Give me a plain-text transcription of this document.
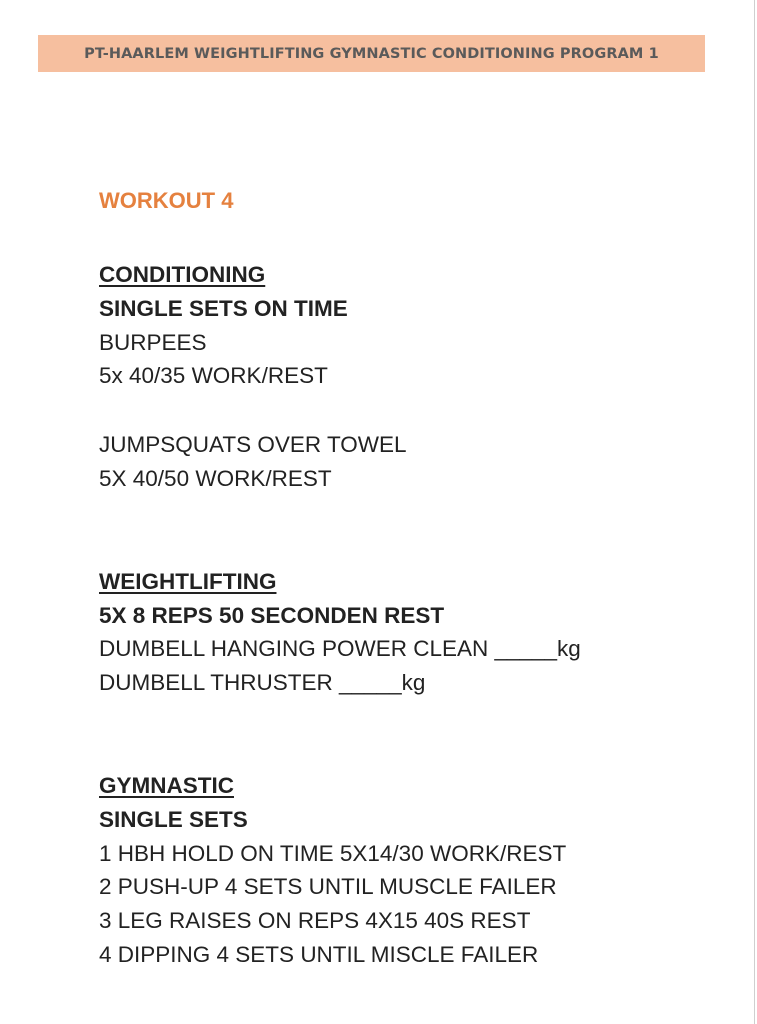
PT-HAARLEM WEIGHTLIFTING GYMNASTIC CONDITIONING PROGRAM 1

WORKOUT 4

CONDITIONING

SINGLE SETS ON TIME

BURPEES

5x 40/35 WORK/REST

JUMPSQUATS OVER TOWEL

5X 40/50 WORK/REST

WEIGHTLIFTING

5X 8 REPS 50 SECONDEN REST

DUMBELL HANGING POWER CLEAN _____kg

DUMBELL THRUSTER _____kg

GYMNASTIC

SINGLE SETS

1 HBH HOLD ON TIME 5X14/30 WORK/REST

2 PUSH-UP 4 SETS UNTIL MUSCLE FAILER

3 LEG RAISES ON REPS 4X15 40S REST

4 DIPPING 4 SETS UNTIL MISCLE FAILER
